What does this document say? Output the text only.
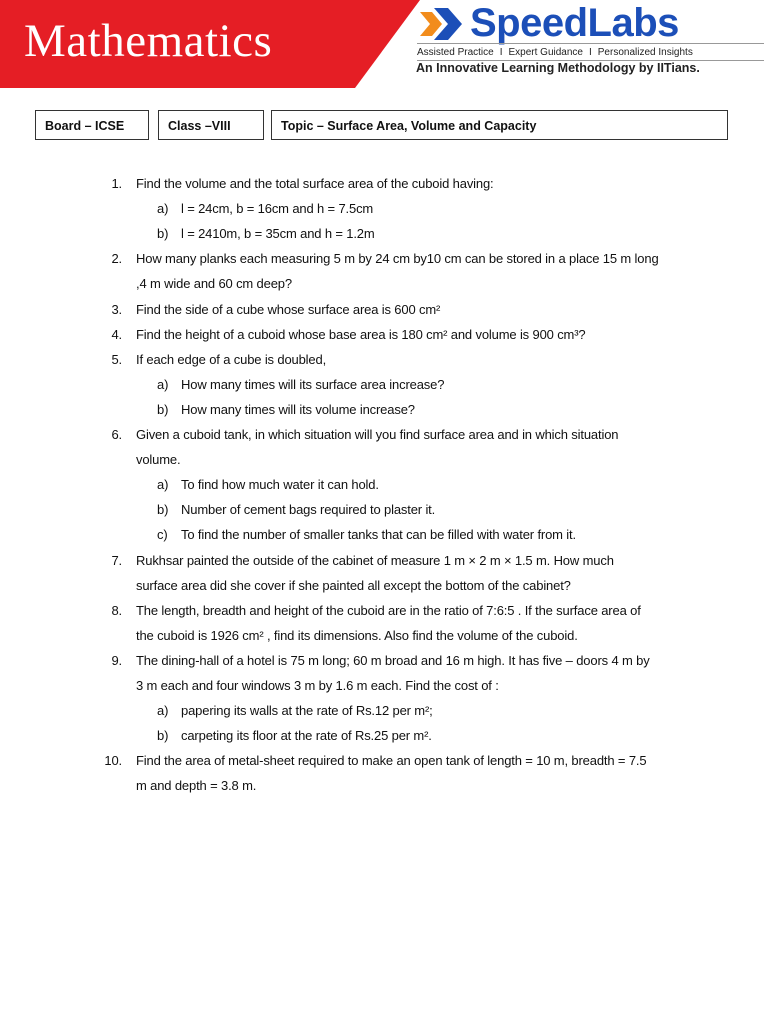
Mathematics	SpeedLabs
Assisted Practice I Expert Guidance I Personalized Insights
An Innovative Learning Methodology by IITians.
Board – ICSE	Class –VIII	Topic – Surface Area, Volume and Capacity
1. Find the volume and the total surface area of the cuboid having:
a) l = 24cm, b = 16cm and h = 7.5cm
b) l = 2410m, b = 35cm and h = 1.2m
2. How many planks each measuring 5 m by 24 cm by10 cm can be stored in a place 15 m long
,4 m wide and 60 cm deep?
3. Find the side of a cube whose surface area is 600 cm²
4. Find the height of a cuboid whose base area is 180 cm² and volume is 900 cm³?
5. If each edge of a cube is doubled,
a) How many times will its surface area increase?
b) How many times will its volume increase?
6. Given a cuboid tank, in which situation will you find surface area and in which situation
volume.
a) To find how much water it can hold.
b) Number of cement bags required to plaster it.
c) To find the number of smaller tanks that can be filled with water from it.
7. Rukhsar painted the outside of the cabinet of measure 1 m × 2 m × 1.5 m. How much
surface area did she cover if she painted all except the bottom of the cabinet?
8. The length, breadth and height of the cuboid are in the ratio of 7:6:5 . If the surface area of
the cuboid is 1926 cm² , find its dimensions. Also find the volume of the cuboid.
9. The dining-hall of a hotel is 75 m long; 60 m broad and 16 m high. It has five – doors 4 m by
3 m each and four windows 3 m by 1.6 m each. Find the cost of :
a) papering its walls at the rate of Rs.12 per m²;
b) carpeting its floor at the rate of Rs.25 per m².
10. Find the area of metal-sheet required to make an open tank of length = 10 m, breadth = 7.5
m and depth = 3.8 m.
